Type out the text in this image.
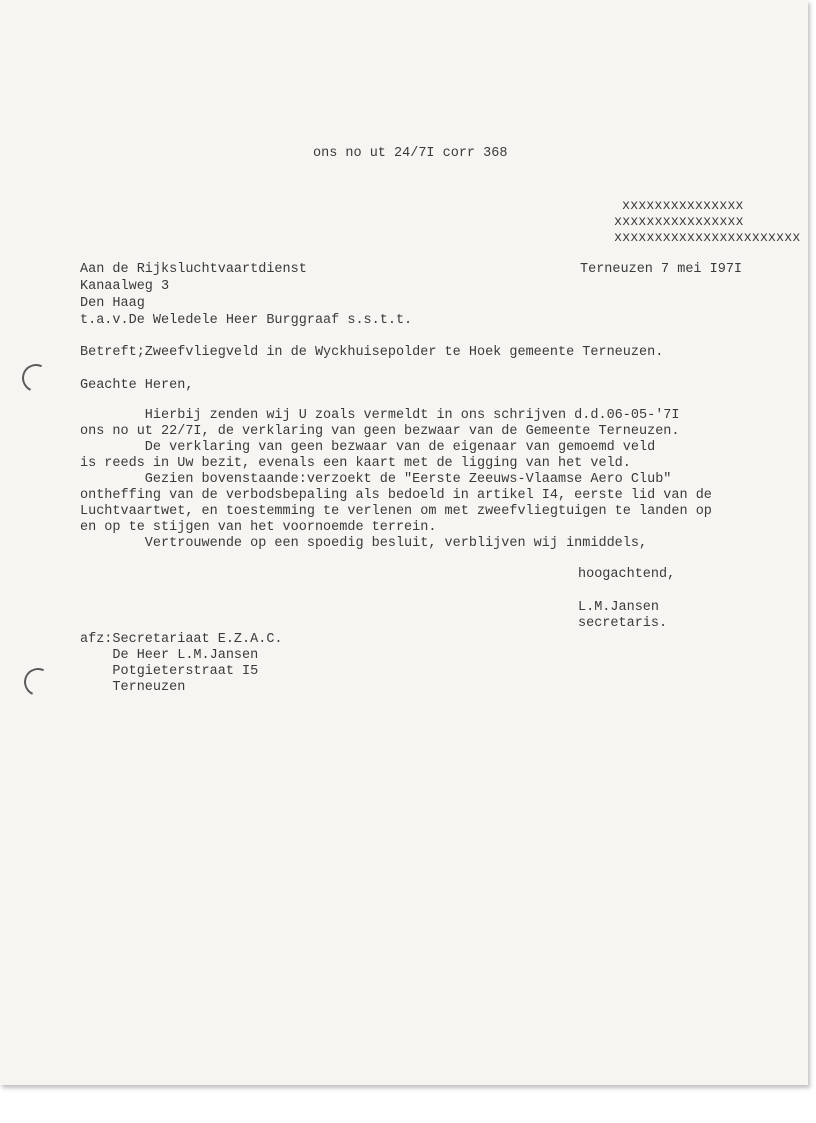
ons no ut 24/7I corr 368
xxxxxxxxxxxxxxx
xxxxxxxxxxxxxxxx
xxxxxxxxxxxxxxxxxxxxxxx
Aan de Rijksluchtvaartdienst
Kanaalweg 3
Den Haag
t.a.v.De Weledele Heer Burggraaf s.s.t.t.
Terneuzen 7 mei I97I
Betreft;Zweefvliegveld in de Wyckhuisepolder te Hoek gemeente Terneuzen.
Geachte Heren,
Hierbij zenden wij U zoals vermeldt in ons schrijven d.d.06-05-'7I
ons no ut 22/7I, de verklaring van geen bezwaar van de Gemeente Terneuzen.
De verklaring van geen bezwaar van de eigenaar van gemoemd veld
is reeds in Uw bezit, evenals een kaart met de ligging van het veld.
Gezien bovenstaande:verzoekt de "Eerste Zeeuws-Vlaamse Aero Club"
ontheffing van de verbodsbepaling als bedoeld in artikel I4, eerste lid van de
Luchtvaartwet, en toestemming te verlenen om met zweefvliegtuigen te landen op
en op te stijgen van het voornoemde terrein.
Vertrouwende op een spoedig besluit, verblijven wij inmiddels,
hoogachtend,
L.M.Jansen
secretaris.
afz:Secretariaat E.Z.A.C.
De Heer L.M.Jansen
Potgieterstraat I5
Terneuzen
